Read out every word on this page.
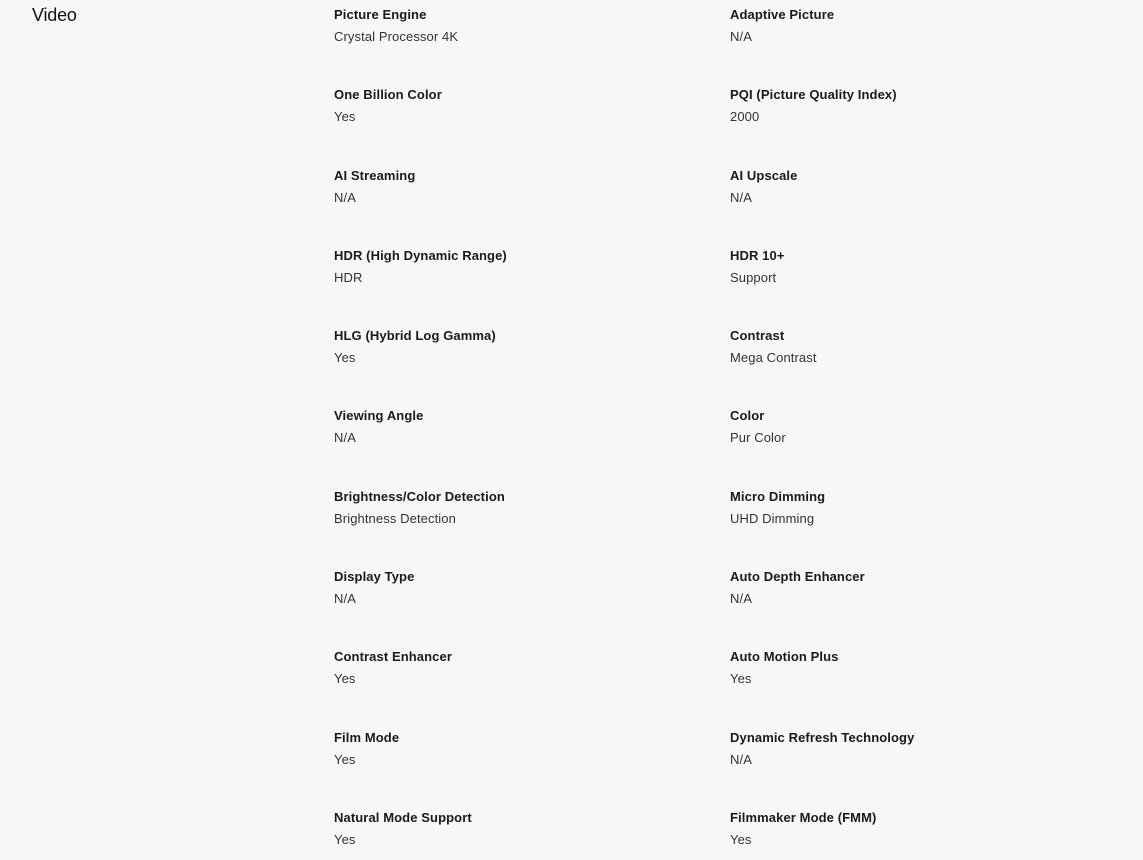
Video	Picture Engine
Crystal Processor 4K
Adaptive Picture
N/A
One Billion Color
Yes
PQI (Picture Quality Index)
2000
AI Streaming
N/A
AI Upscale
N/A
HDR (High Dynamic Range)
HDR
HDR 10+
Support
HLG (Hybrid Log Gamma)
Yes
Contrast
Mega Contrast
Viewing Angle
N/A
Color
Pur Color
Brightness/Color Detection
Brightness Detection
Micro Dimming
UHD Dimming
Display Type
N/A
Auto Depth Enhancer
N/A
Contrast Enhancer
Yes
Auto Motion Plus
Yes
Film Mode
Yes
Dynamic Refresh Technology
N/A
Natural Mode Support
Yes
Filmmaker Mode (FMM)
Yes
